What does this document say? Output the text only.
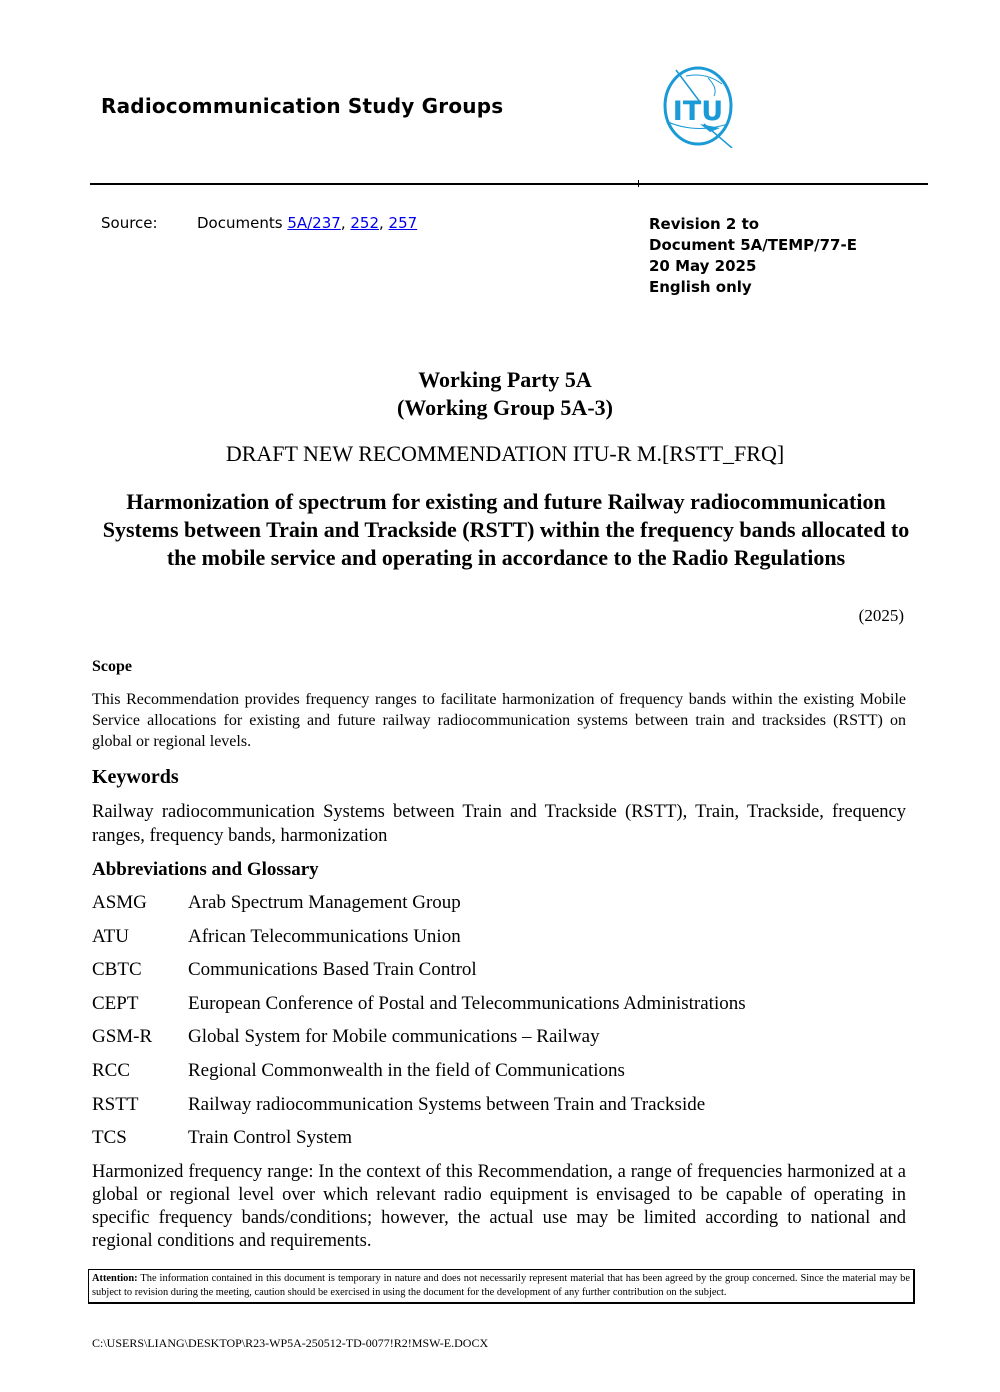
Radiocommunication Study Groups	ITU
Source:	Documents 5A/237, 252, 257	Revision 2 to
Document 5A/TEMP/77-E
20 May 2025
English only
Working Party 5A
(Working Group 5A-3)
DRAFT NEW RECOMMENDATION ITU-R M.[RSTT_FRQ]
Harmonization of spectrum for existing and future Railway radiocommunication Systems between Train and Trackside (RSTT) within the frequency bands allocated to the mobile service and operating in accordance to the Radio Regulations
(2025)
Scope
This Recommendation provides frequency ranges to facilitate harmonization of frequency bands within the existing Mobile Service allocations for existing and future railway radiocommunication systems between train and tracksides (RSTT) on global or regional levels.
Keywords
Railway radiocommunication Systems between Train and Trackside (RSTT), Train, Trackside, frequency ranges, frequency bands, harmonization
Abbreviations and Glossary
ASMG	Arab Spectrum Management Group
ATU	African Telecommunications Union
CBTC	Communications Based Train Control
CEPT	European Conference of Postal and Telecommunications Administrations
GSM-R	Global System for Mobile communications – Railway
RCC	Regional Commonwealth in the field of Communications
RSTT	Railway radiocommunication Systems between Train and Trackside
TCS	Train Control System
Harmonized frequency range: In the context of this Recommendation, a range of frequencies harmonized at a global or regional level over which relevant radio equipment is envisaged to be capable of operating in specific frequency bands/conditions; however, the actual use may be limited according to national and regional conditions and requirements.
Attention: The information contained in this document is temporary in nature and does not necessarily represent material that has been agreed by the group concerned. Since the material may be subject to revision during the meeting, caution should be exercised in using the document for the development of any further contribution on the subject.
C:\USERS\LIANG\DESKTOP\R23-WP5A-250512-TD-0077!R2!MSW-E.DOCX
